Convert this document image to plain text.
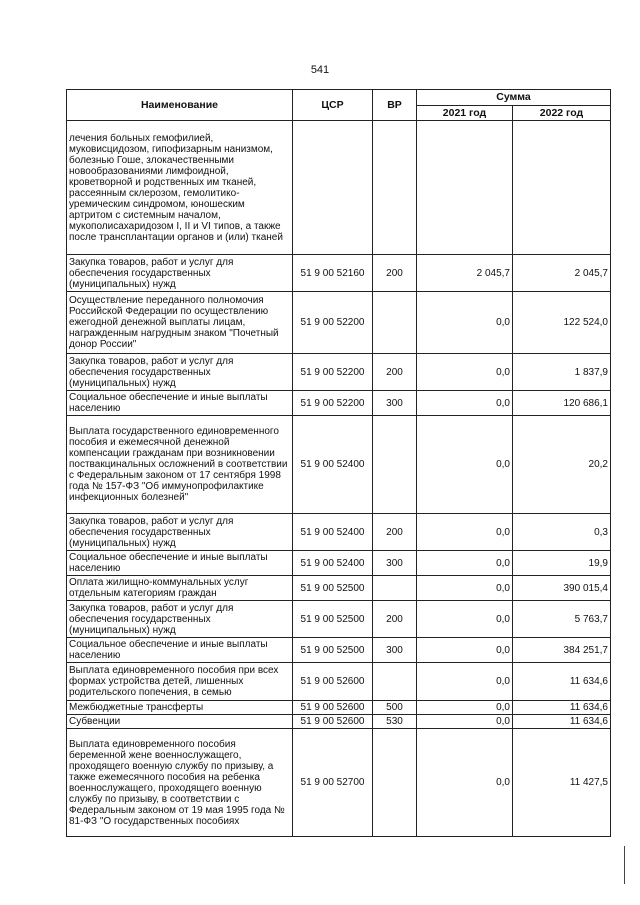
541
Наименование	ЦСР	ВР	Сумма	
			2021 год	2022 год
лечения больных гемофилией, муковисцидозом, гипофизарным нанизмом, болезнью Гоше, злокачественными новообразованиями лимфоидной, кроветворной и родственных им тканей, рассеянным склерозом, гемолитико-уремическим синдромом, юношеским артритом с системным началом, мукополисахаридозом I, II и VI типов, а также после трансплантации органов и (или) тканей				
Закупка товаров, работ и услуг для обеспечения государственных (муниципальных) нужд	51 9 00 52160	200	2 045,7	2 045,7
Осуществление переданного полномочия Российской Федерации по осуществлению ежегодной денежной выплаты лицам, награжденным нагрудным знаком "Почетный донор России"	51 9 00 52200		0,0	122 524,0
Закупка товаров, работ и услуг для обеспечения государственных (муниципальных) нужд	51 9 00 52200	200	0,0	1 837,9
Социальное обеспечение и иные выплаты населению	51 9 00 52200	300	0,0	120 686,1
Выплата государственного единовременного пособия и ежемесячной денежной компенсации гражданам при возникновении поствакцинальных осложнений в соответствии с Федеральным законом от 17 сентября 1998 года № 157-ФЗ "Об иммунопрофилактике инфекционных болезней"	51 9 00 52400		0,0	20,2
Закупка товаров, работ и услуг для обеспечения государственных (муниципальных) нужд	51 9 00 52400	200	0,0	0,3
Социальное обеспечение и иные выплаты населению	51 9 00 52400	300	0,0	19,9
Оплата жилищно-коммунальных услуг отдельным категориям граждан	51 9 00 52500		0,0	390 015,4
Закупка товаров, работ и услуг для обеспечения государственных (муниципальных) нужд	51 9 00 52500	200	0,0	5 763,7
Социальное обеспечение и иные выплаты населению	51 9 00 52500	300	0,0	384 251,7
Выплата единовременного пособия при всех формах устройства детей, лишенных родительского попечения, в семью	51 9 00 52600		0,0	11 634,6
Межбюджетные трансферты	51 9 00 52600	500	0,0	11 634,6
Субвенции	51 9 00 52600	530	0,0	11 634,6
Выплата единовременного пособия беременной жене военнослужащего, проходящего военную службу по призыву, а также ежемесячного пособия на ребенка военнослужащего, проходящего военную службу по призыву, в соответствии с Федеральным законом от 19 мая 1995 года № 81-ФЗ "О государственных пособиях	51 9 00 52700		0,0	11 427,5
